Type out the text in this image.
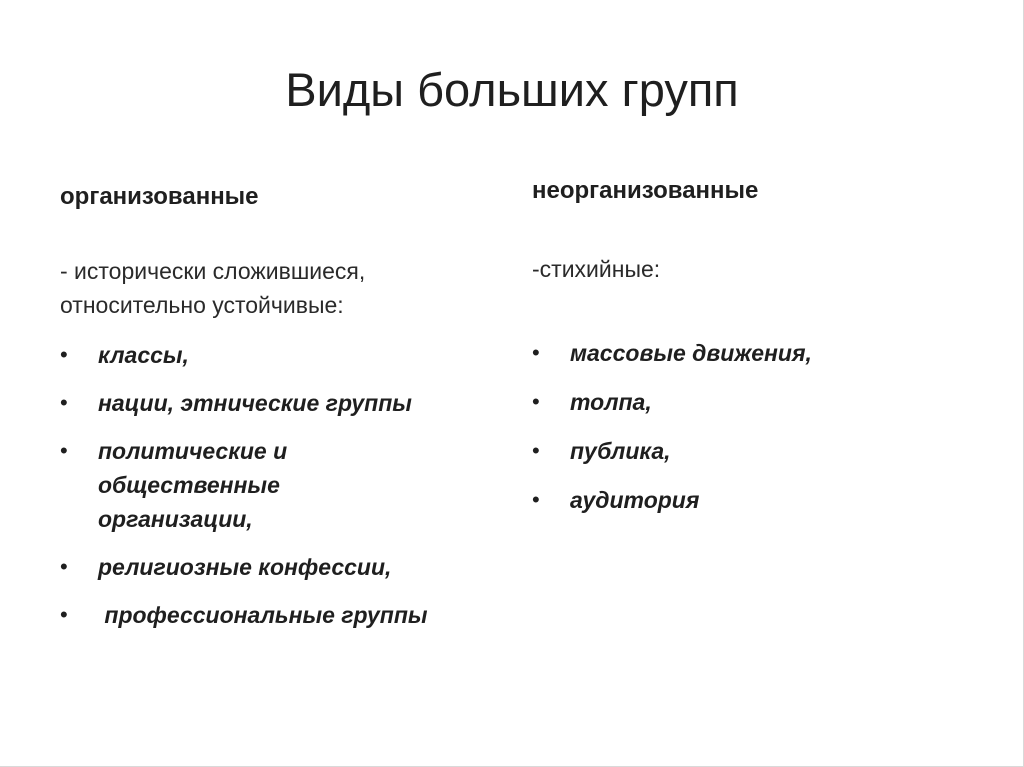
Виды больших групп

организованные

- исторически сложившиеся,
относительно устойчивые:

• классы,
• нации, этнические группы
• политические и общественные организации,
• религиозные конфессии,
• профессиональные группы

неорганизованные

-стихийные:

• массовые движения,
• толпа,
• публика,
• аудитория
